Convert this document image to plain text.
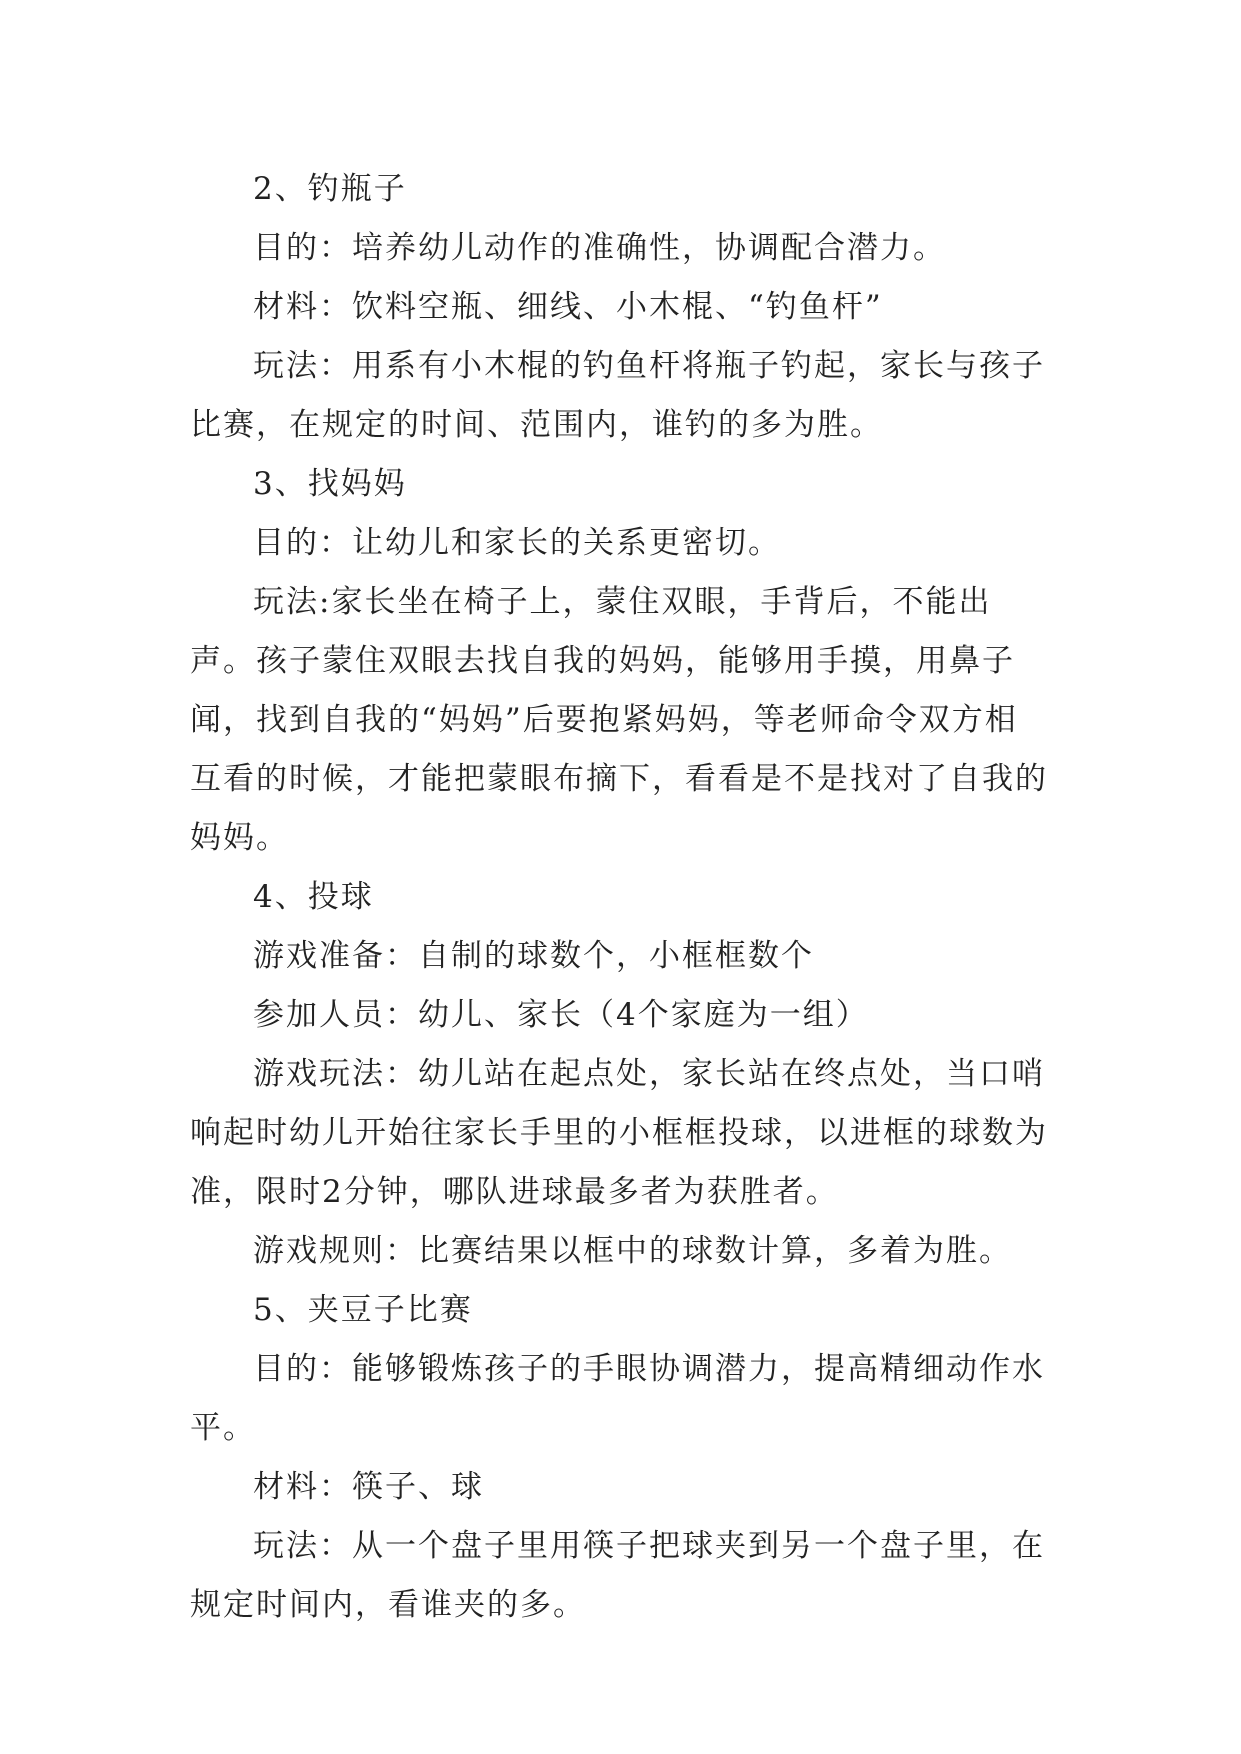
2、钓瓶子

目的：培养幼儿动作的准确性，协调配合潜力。

材料：饮料空瓶、细线、小木棍、“钓鱼杆”

玩法：用系有小木棍的钓鱼杆将瓶子钓起，家长与孩子比赛，在规定的时间、范围内，谁钓的多为胜。

3、找妈妈

目的：让幼儿和家长的关系更密切。

玩法:家长坐在椅子上，蒙住双眼，手背后，不能出声。孩子蒙住双眼去找自我的妈妈，能够用手摸，用鼻子闻，找到自我的“妈妈”后要抱紧妈妈，等老师命令双方相互看的时候，才能把蒙眼布摘下，看看是不是找对了自我的妈妈。

4、投球

游戏准备：自制的球数个，小框框数个

参加人员：幼儿、家长（4个家庭为一组）

游戏玩法：幼儿站在起点处，家长站在终点处，当口哨响起时幼儿开始往家长手里的小框框投球，以进框的球数为准，限时2分钟，哪队进球最多者为获胜者。

游戏规则：比赛结果以框中的球数计算，多着为胜。

5、夹豆子比赛

目的：能够锻炼孩子的手眼协调潜力，提高精细动作水平。

材料：筷子、球

玩法：从一个盘子里用筷子把球夹到另一个盘子里，在规定时间内，看谁夹的多。
